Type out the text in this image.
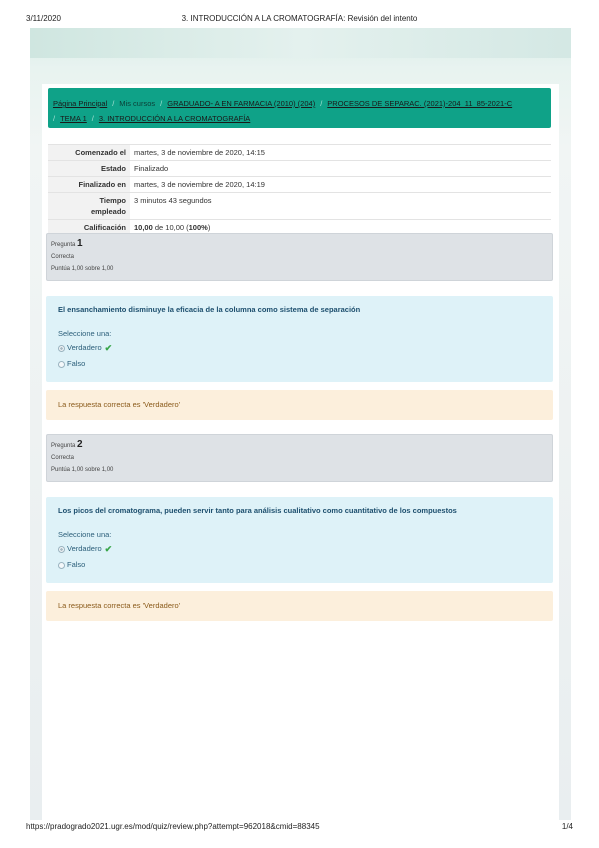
3/11/2020	3. INTRODUCCIÓN A LA CROMATOGRAFÍA: Revisión del intento
Página Principal / Mis cursos / GRADUADO- A EN FARMACIA (2010) (204) / PROCESOS DE SEPARAC. (2021)-204_11_85-2021-C
/ TEMA 1 / 3. INTRODUCCIÓN A LA CROMATOGRAFÍA
Comenzado el	martes, 3 de noviembre de 2020, 14:15
Estado	Finalizado
Finalizado en	martes, 3 de noviembre de 2020, 14:19
Tiempo
empleado	3 minutos 43 segundos
Calificación	10,00 de 10,00 (100%)
Pregunta 1
Correcta
Puntúa 1,00 sobre 1,00
El ensanchamiento disminuye la eficacia de la columna como sistema de separación
Seleccione una:
Verdadero ✔
Falso
La respuesta correcta es 'Verdadero'
Pregunta 2
Correcta
Puntúa 1,00 sobre 1,00
Los picos del cromatograma, pueden servir tanto para análisis cualitativo como cuantitativo de los compuestos
Seleccione una:
Verdadero ✔
Falso
La respuesta correcta es 'Verdadero'
https://pradogrado2021.ugr.es/mod/quiz/review.php?attempt=962018&cmid=88345	1/4
